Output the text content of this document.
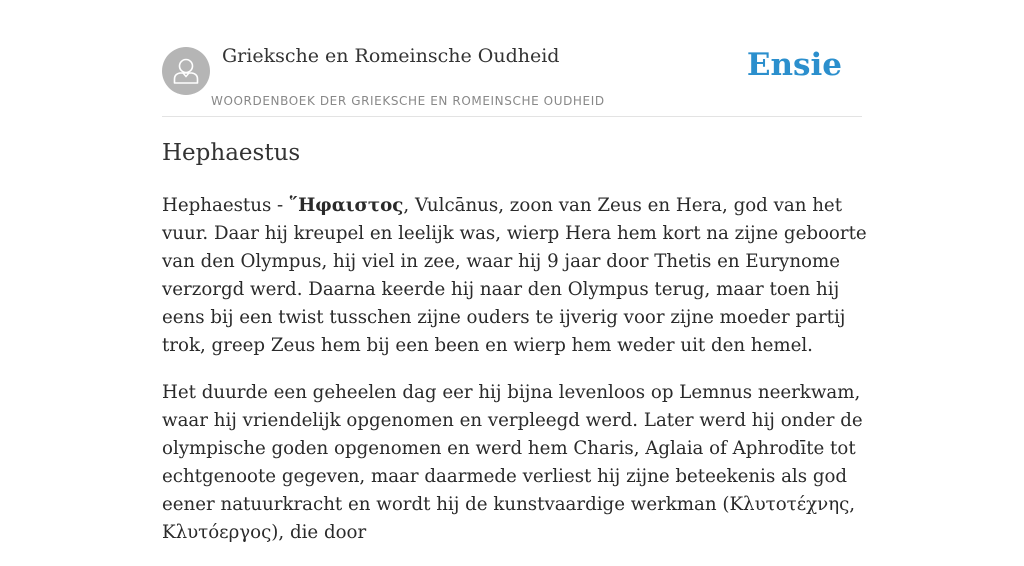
Grieksche en Romeinsche Oudheid
WOORDENBOEK DER GRIEKSCHE EN ROMEINSCHE OUDHEID
Ensie
Hephaestus

Hephaestus - ῞Ηφαιστος, Vulcānus, zoon van Zeus en Hera, god van het vuur. Daar hij kreupel en leelijk was, wierp Hera hem kort na zijne geboorte van den Olympus, hij viel in zee, waar hij 9 jaar door Thetis en Eurynome verzorgd werd. Daarna keerde hij naar den Olympus terug, maar toen hij eens bij een twist tusschen zijne ouders te ijverig voor zijne moeder partij trok, greep Zeus hem bij een been en wierp hem weder uit den hemel.

Het duurde een geheelen dag eer hij bijna levenloos op Lemnus neerkwam, waar hij vriendelijk opgenomen en verpleegd werd. Later werd hij onder de olympische goden opgenomen en werd hem Charis, Aglaia of Aphrodīte tot echtgenoote gegeven, maar daarmede verliest hij zijne beteekenis als god eener natuurkracht en wordt hij de kunstvaardige werkman (Κλυτοτέχνης, Κλυτόεργος), die door
